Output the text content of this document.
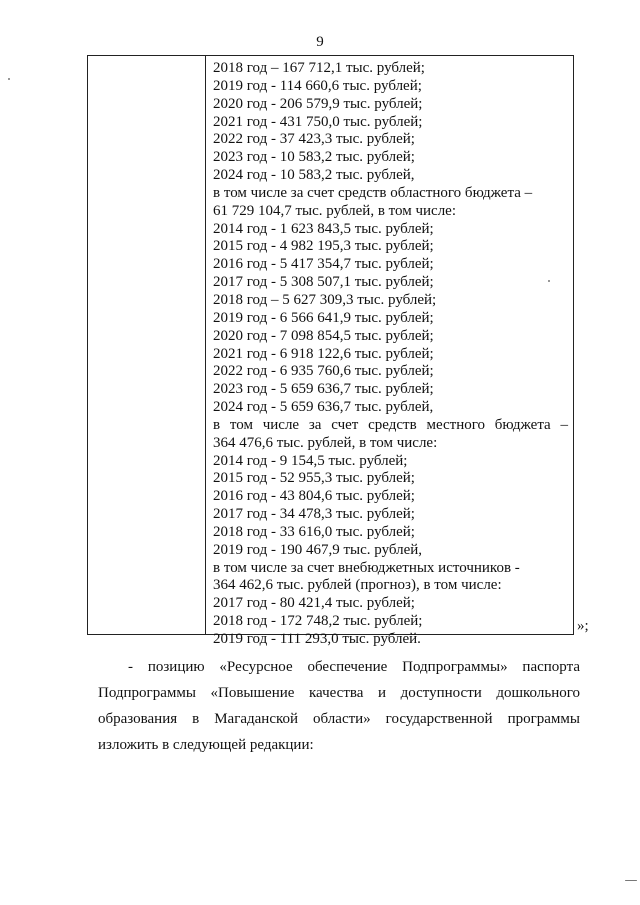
9
2018 год – 167 712,1 тыс. рублей;
2019 год - 114 660,6 тыс. рублей;
2020 год - 206 579,9 тыс. рублей;
2021 год - 431 750,0 тыс. рублей;
2022 год - 37 423,3 тыс. рублей;
2023 год - 10 583,2 тыс. рублей;
2024 год - 10 583,2 тыс. рублей,
в том числе за счет средств областного бюджета –
61 729 104,7 тыс. рублей, в том числе:
2014 год - 1 623 843,5 тыс. рублей;
2015 год - 4 982 195,3 тыс. рублей;
2016 год - 5 417 354,7 тыс. рублей;
2017 год - 5 308 507,1 тыс. рублей;
2018 год – 5 627 309,3 тыс. рублей;
2019 год - 6 566 641,9 тыс. рублей;
2020 год - 7 098 854,5 тыс. рублей;
2021 год - 6 918 122,6 тыс. рублей;
2022 год - 6 935 760,6 тыс. рублей;
2023 год - 5 659 636,7 тыс. рублей;
2024 год - 5 659 636,7 тыс. рублей,
в том числе за счет средств местного бюджета –
364 476,6 тыс. рублей, в том числе:
2014 год - 9 154,5 тыс. рублей;
2015 год - 52 955,3 тыс. рублей;
2016 год - 43 804,6 тыс. рублей;
2017 год - 34 478,3 тыс. рублей;
2018 год - 33 616,0 тыс. рублей;
2019 год - 190 467,9 тыс. рублей,
в том числе за счет внебюджетных источников -
364 462,6 тыс. рублей (прогноз), в том числе:
2017 год - 80 421,4 тыс. рублей;
2018 год - 172 748,2 тыс. рублей;
2019 год - 111 293,0 тыс. рублей.
»;
- позицию «Ресурсное обеспечение Подпрограммы» паспорта
Подпрограммы «Повышение качества и доступности дошкольного
образования в Магаданской области» государственной программы
изложить в следующей редакции:
